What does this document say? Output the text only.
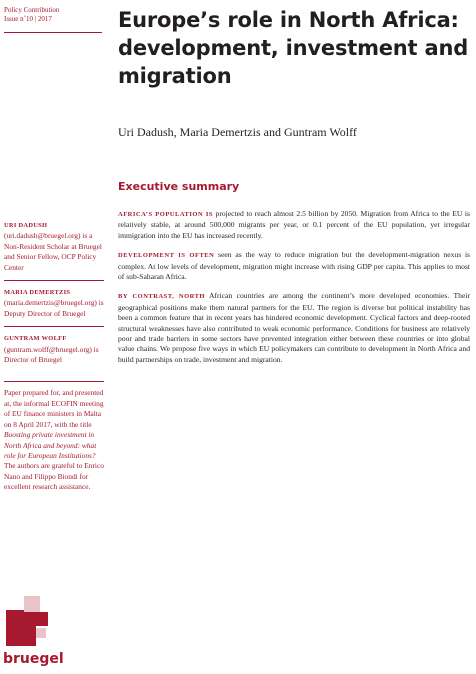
Policy Contribution
Issue n˚10 | 2017	Europe’s role in North Africa: development, investment and migration
Uri Dadush, Maria Demertzis and Guntram Wolff
Executive summary
URI DADUSH (uri.dadush@bruegel.org) is a Non-Resident Scholar at Bruegel and Senior Fellow, OCP Policy Center
MARIA DEMERTZIS (maria.demertzis@bruegel.org) is Deputy Director of Bruegel
GUNTRAM WOLFF (guntram.wolff@bruegel.org) is Director of Bruegel
Paper prepared for, and presented at, the informal ECOFIN meeting of EU finance ministers in Malta on 8 April 2017, with the title Boosting private investment in North Africa and beyond: what role for European Institutions? The authors are grateful to Enrico Nano and Filippo Biondi for excellent research assistance.

AFRICA’S POPULATION IS projected to reach almost 2.5 billion by 2050. Migration from Africa to the EU is relatively stable, at around 500,000 migrants per year, or 0.1 percent of the EU population, yet irregular immigration into the EU has increased recently.

DEVELOPMENT IS OFTEN seen as the way to reduce migration but the development-migration nexus is complex. At low levels of development, migration might increase with rising GDP per capita. This applies to most of sub-Saharan Africa.

BY CONTRAST, NORTH African countries are among the continent’s more developed economies. Their geographical positions make them natural partners for the EU. The region is diverse but political instability has been a common feature that in recent years has hindered economic development. Cyclical factors and deep-rooted structural weaknesses have also contributed to weak economic performance. Conditions for business are relatively poor and trade barriers in some sectors have prevented integration either between these countries or into global value chains. We propose five ways in which EU policymakers can contribute to development in North Africa and build partnerships on trade, investment and migration.

bruegel
